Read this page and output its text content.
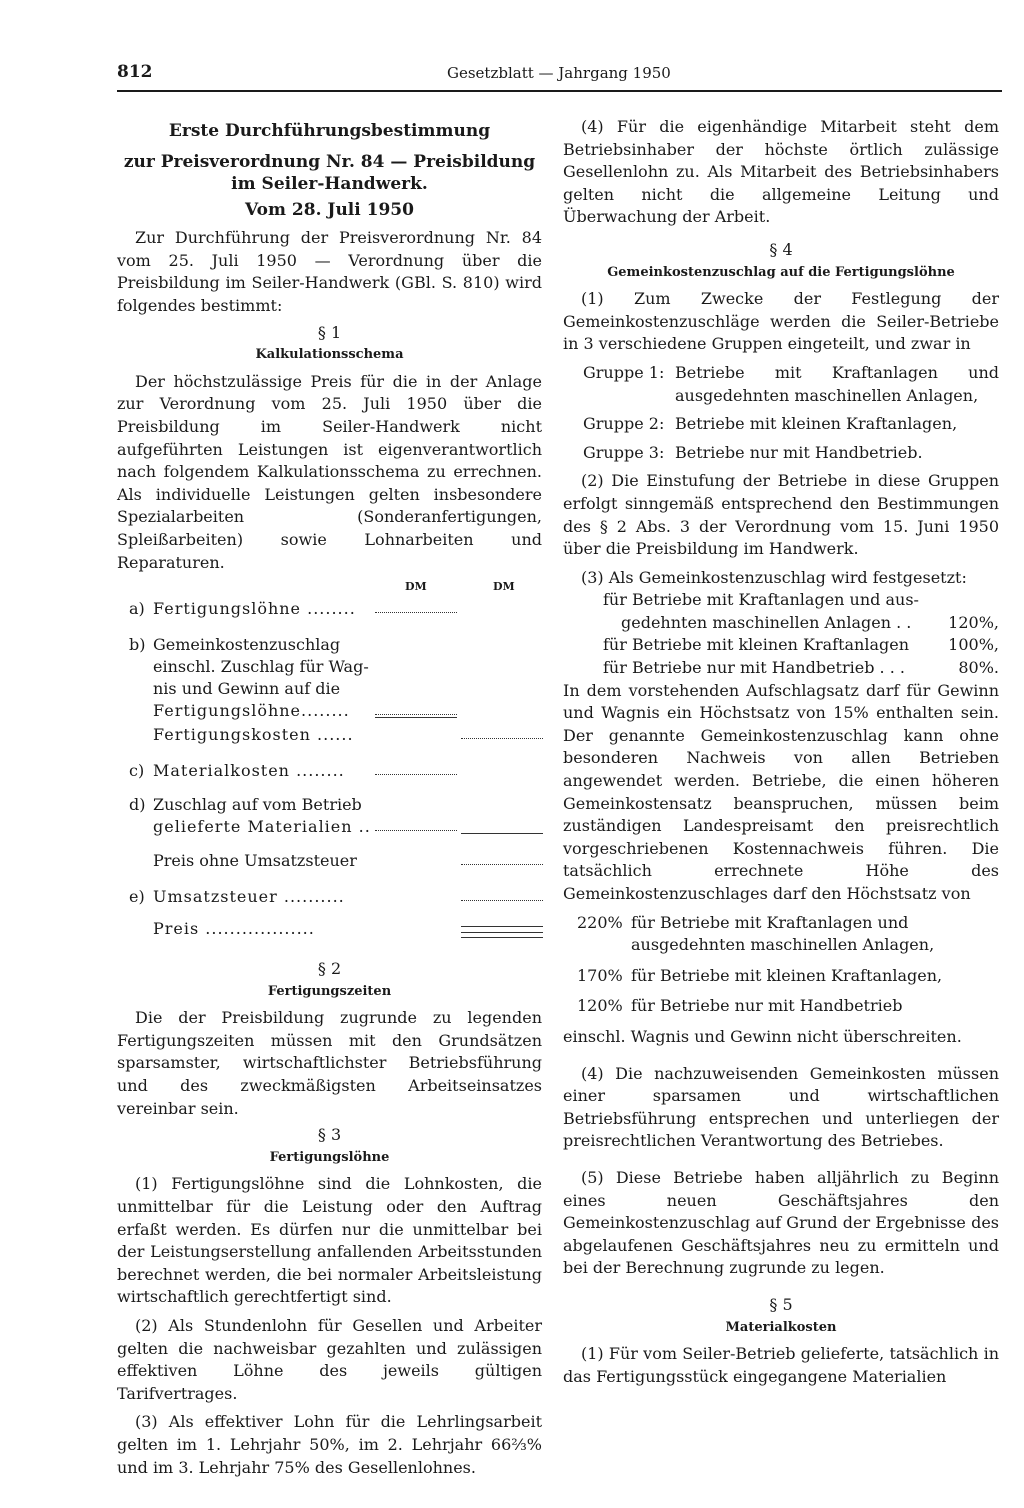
812	Gesetzblatt — Jahrgang 1950
Erste Durchführungsbestimmung
zur Preisverordnung Nr. 84 — Preisbildung im Seiler-Handwerk.
Vom 28. Juli 1950

Zur Durchführung der Preisverordnung Nr. 84 vom 25. Juli 1950 — Verordnung über die Preisbildung im Seiler-Handwerk (GBl. S. 810) wird folgendes bestimmt:

§ 1
Kalkulationsschema

Der höchstzulässige Preis für die in der Anlage zur Verordnung vom 25. Juli 1950 über die Preisbildung im Seiler-Handwerk nicht aufgeführten Leistungen ist eigenverantwortlich nach folgendem Kalkulationsschema zu errechnen. Als individuelle Leistungen gelten insbesondere Spezialarbeiten (Sonderanfertigungen, Spleißarbeiten) sowie Lohnarbeiten und Reparaturen.

DM	DM
a) Fertigungslöhne ........
b) Gemeinkostenzuschlag
einschl. Zuschlag für Wag-
nis und Gewinn auf die
Fertigungslöhne........
Fertigungskosten ......
c) Materialkosten ........
d) Zuschlag auf vom Betrieb
gelieferte Materialien ..
Preis ohne Umsatzsteuer
e) Umsatzsteuer ..........
Preis ..................
§ 2
Fertigungszeiten

Die der Preisbildung zugrunde zu legenden Fertigungszeiten müssen mit den Grundsätzen sparsamster, wirtschaftlichster Betriebsführung und des zweckmäßigsten Arbeitseinsatzes vereinbar sein.

§ 3
Fertigungslöhne

(1) Fertigungslöhne sind die Lohnkosten, die unmittelbar für die Leistung oder den Auftrag erfaßt werden. Es dürfen nur die unmittelbar bei der Leistungserstellung anfallenden Arbeitsstunden berechnet werden, die bei normaler Arbeitsleistung wirtschaftlich gerechtfertigt sind.

(2) Als Stundenlohn für Gesellen und Arbeiter gelten die nachweisbar gezahlten und zulässigen effektiven Löhne des jeweils gültigen Tarifvertrages.

(3) Als effektiver Lohn für die Lehrlingsarbeit gelten im 1. Lehrjahr 50%, im 2. Lehrjahr 66⅔% und im 3. Lehrjahr 75% des Gesellenlohnes.

(4) Für die eigenhändige Mitarbeit steht dem Betriebsinhaber der höchste örtlich zulässige Gesellenlohn zu. Als Mitarbeit des Betriebsinhabers gelten nicht die allgemeine Leitung und Überwachung der Arbeit.

§ 4
Gemeinkostenzuschlag auf die Fertigungslöhne

(1) Zum Zwecke der Festlegung der Gemeinkostenzuschläge werden die Seiler-Betriebe in 3 verschiedene Gruppen eingeteilt, und zwar in

Gruppe 1: Betriebe mit Kraftanlagen und ausgedehnten maschinellen Anlagen,
Gruppe 2: Betriebe mit kleinen Kraftanlagen,
Gruppe 3: Betriebe nur mit Handbetrieb.

(2) Die Einstufung der Betriebe in diese Gruppen erfolgt sinngemäß entsprechend den Bestimmungen des § 2 Abs. 3 der Verordnung vom 15. Juni 1950 über die Preisbildung im Handwerk.

(3) Als Gemeinkostenzuschlag wird festgesetzt:

für Betriebe mit Kraftanlagen und aus-
gedehnten maschinellen Anlagen . . 120%,
für Betriebe mit kleinen Kraftanlagen 100%,
für Betriebe nur mit Handbetrieb . . .	80%.

In dem vorstehenden Aufschlagsatz darf für Gewinn und Wagnis ein Höchstsatz von 15% enthalten sein. Der genannte Gemeinkostenzuschlag kann ohne besonderen Nachweis von allen Betrieben angewendet werden. Betriebe, die einen höheren Gemeinkostensatz beanspruchen, müssen beim zuständigen Landespreisamt den preisrechtlich vorgeschriebenen Kostennachweis führen. Die tatsächlich errechnete Höhe des Gemeinkostenzuschlages darf den Höchstsatz von

220% für Betriebe mit Kraftanlagen und ausgedehnten maschinellen Anlagen,
170% für Betriebe mit kleinen Kraftanlagen,
120% für Betriebe nur mit Handbetrieb

einschl. Wagnis und Gewinn nicht überschreiten.

(4) Die nachzuweisenden Gemeinkosten müssen einer sparsamen und wirtschaftlichen Betriebsführung entsprechen und unterliegen der preisrechtlichen Verantwortung des Betriebes.

(5) Diese Betriebe haben alljährlich zu Beginn eines neuen Geschäftsjahres den Gemeinkostenzuschlag auf Grund der Ergebnisse des abgelaufenen Geschäftsjahres neu zu ermitteln und bei der Berechnung zugrunde zu legen.

§ 5
Materialkosten

(1) Für vom Seiler-Betrieb gelieferte, tatsächlich in das Fertigungsstück eingegangene Materialien
